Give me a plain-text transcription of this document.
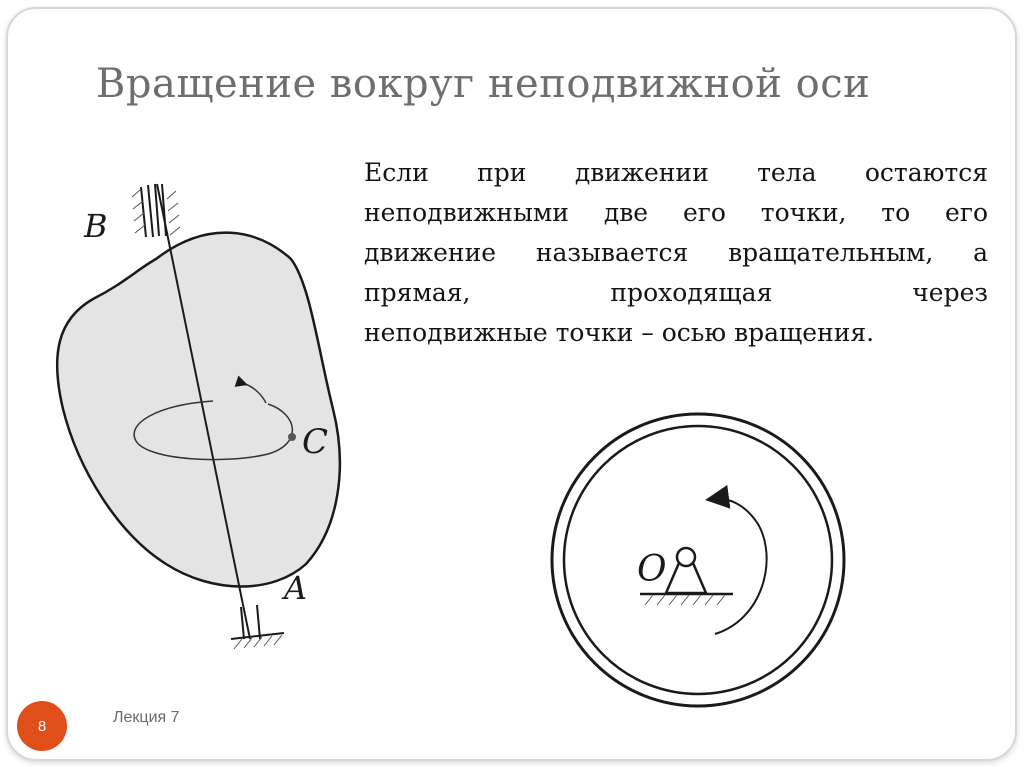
Вращение вокруг неподвижной оси
Если при движении тела остаются
неподвижными две его точки, то его
движение называется вращательным, а
прямая, проходящая через
неподвижные точки – осью вращения.
C
B
A	O
8	Лекция 7
